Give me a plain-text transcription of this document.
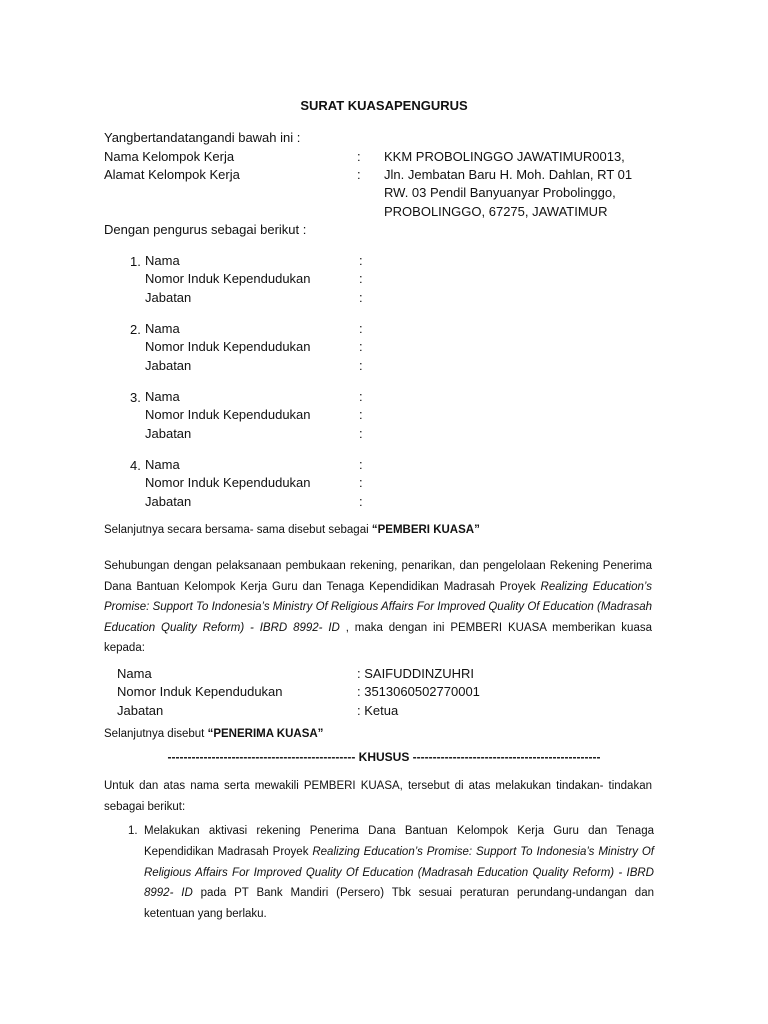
SURAT KUASAPENGURUS
Yangbertandatangandi bawah ini :
Nama Kelompok Kerja	: KKM PROBOLINGGO JAWATIMUR0013,
Alamat Kelompok Kerja	: Jln. Jembatan Baru H. Moh. Dahlan, RT 01
RW. 03 Pendil Banyuanyar Probolinggo,
PROBOLINGGO, 67275, JAWATIMUR
Dengan pengurus sebagai berikut :
1. Nama	:
Nomor Induk Kependudukan	:
Jabatan	:
2. Nama	:
Nomor Induk Kependudukan	:
Jabatan	:
3. Nama	:
Nomor Induk Kependudukan	:
Jabatan	:
4. Nama	:
Nomor Induk Kependudukan	:
Jabatan	:
Selanjutnya secara bersama- sama disebut sebagai “PEMBERI KUASA”
Sehubungan dengan pelaksanaan pembukaan rekening, penarikan, dan pengelolaan Rekening Penerima Dana Bantuan Kelompok Kerja Guru dan Tenaga Kependidikan Madrasah Proyek Realizing Education’s Promise: Support To Indonesia’s Ministry Of Religious Affairs For Improved Quality Of Education (Madrasah Education Quality Reform) - IBRD 8992- ID , maka dengan ini PEMBERI KUASA memberikan kuasa kepada:
Nama	: SAIFUDDINZUHRI
Nomor Induk Kependudukan	: 3513060502770001
Jabatan	: Ketua
Selanjutnya disebut “PENERIMA KUASA”
----------------------------------------------- KHUSUS -----------------------------------------------
Untuk dan atas nama serta mewakili PEMBERI KUASA, tersebut di atas melakukan tindakan- tindakan sebagai berikut:
1. Melakukan aktivasi rekening Penerima Dana Bantuan Kelompok Kerja Guru dan Tenaga Kependidikan Madrasah Proyek Realizing Education’s Promise: Support To Indonesia’s Ministry Of Religious Affairs For Improved Quality Of Education (Madrasah Education Quality Reform) - IBRD 8992- ID pada PT Bank Mandiri (Persero) Tbk sesuai peraturan perundang-undangan dan ketentuan yang berlaku.
